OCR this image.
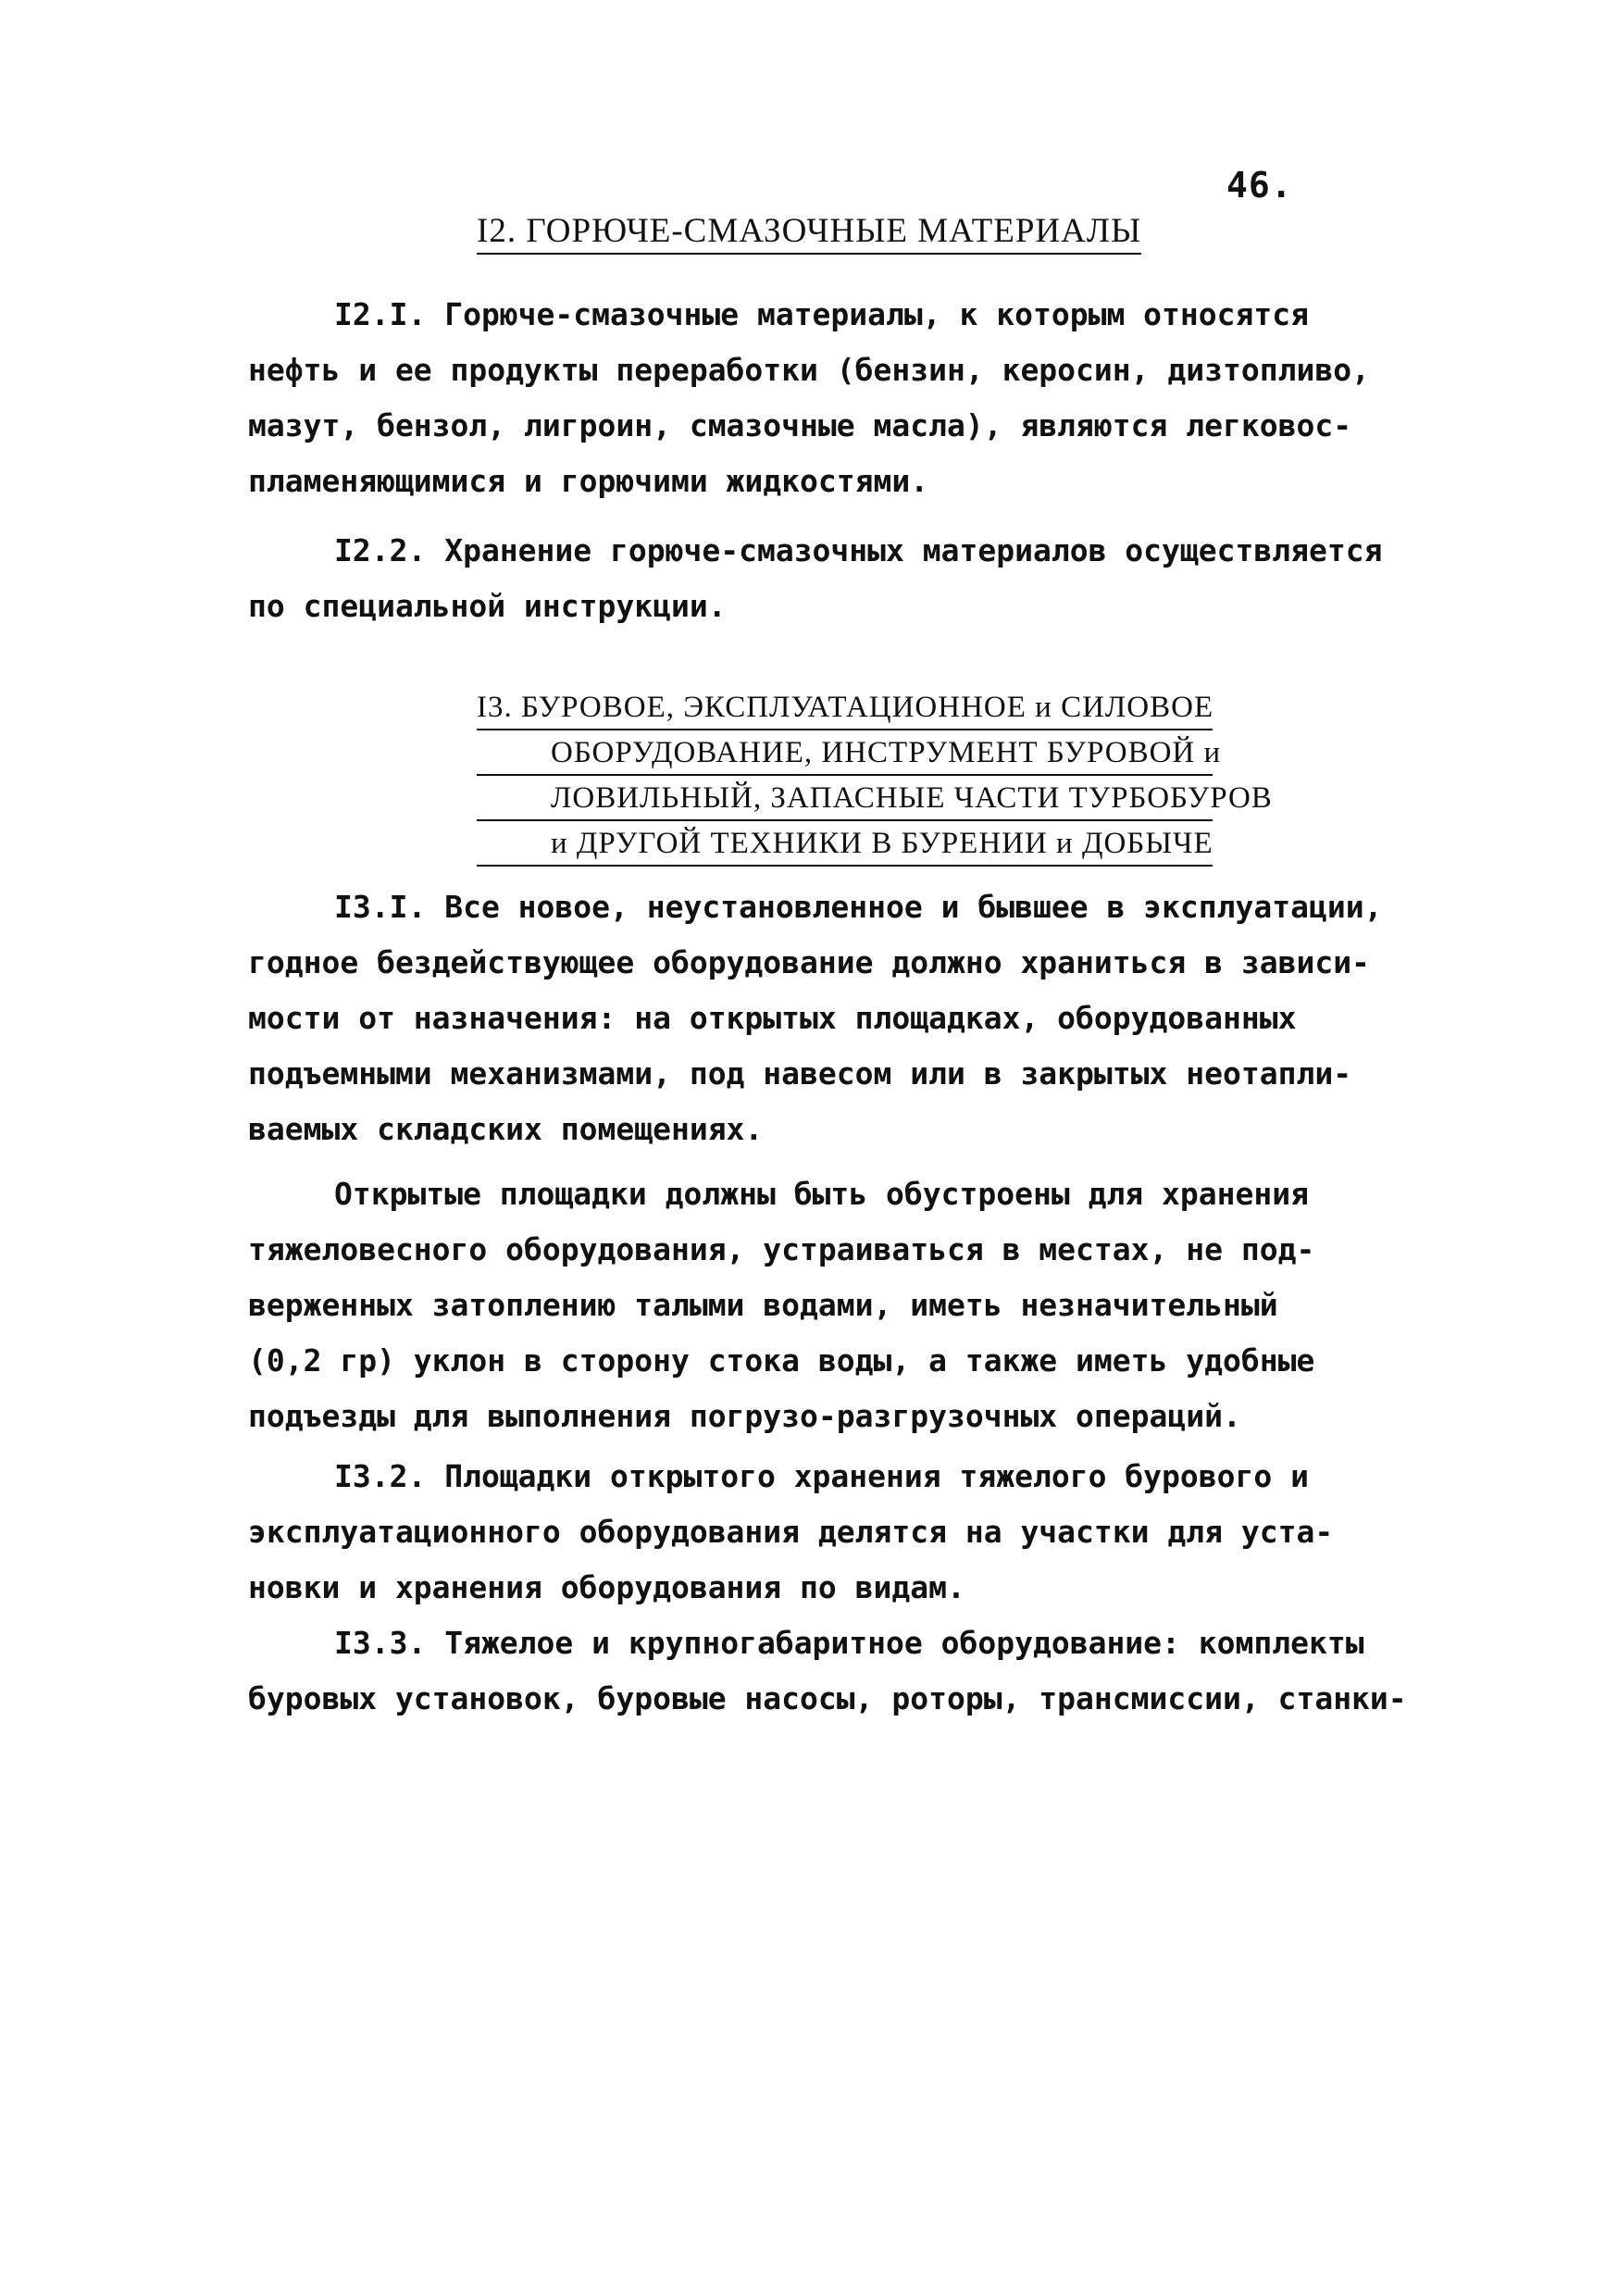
46.
I2. ГОРЮЧЕ-СМАЗОЧНЫЕ МАТЕРИАЛЫ
I2.I. Горюче-смазочные материалы, к которым относятся
нефть и ее продукты переработки (бензин, керосин, дизтопливо,
мазут, бензол, лигроин, смазочные масла), являются легковос-
пламеняющимися и горючими жидкостями.
I2.2. Хранение горюче-смазочных материалов осуществляется
по специальной инструкции.
I3. БУРОВОЕ, ЭКСПЛУАТАЦИОННОЕ и СИЛОВОЕ
ОБОРУДОВАНИЕ, ИНСТРУМЕНТ БУРОВОЙ и
ЛОВИЛЬНЫЙ, ЗАПАСНЫЕ ЧАСТИ ТУРБОБУРОВ
и ДРУГОЙ ТЕХНИКИ В БУРЕНИИ и ДОБЫЧЕ
I3.I. Все новое, неустановленное и бывшее в эксплуатации,
годное бездействующее оборудование должно храниться в зависи-
мости от назначения: на открытых площадках, оборудованных
подъемными механизмами, под навесом или в закрытых неотапли-
ваемых складских помещениях.
Открытые площадки должны быть обустроены для хранения
тяжеловесного оборудования, устраиваться в местах, не под-
верженных затоплению талыми водами, иметь незначительный
(0,2 гр) уклон в сторону стока воды, а также иметь удобные
подъезды для выполнения погрузо-разгрузочных операций.
I3.2. Площадки открытого хранения тяжелого бурового и
эксплуатационного оборудования делятся на участки для уста-
новки и хранения оборудования по видам.
I3.3. Тяжелое и крупногабаритное оборудование: комплекты
буровых установок, буровые насосы, роторы, трансмиссии, станки-
